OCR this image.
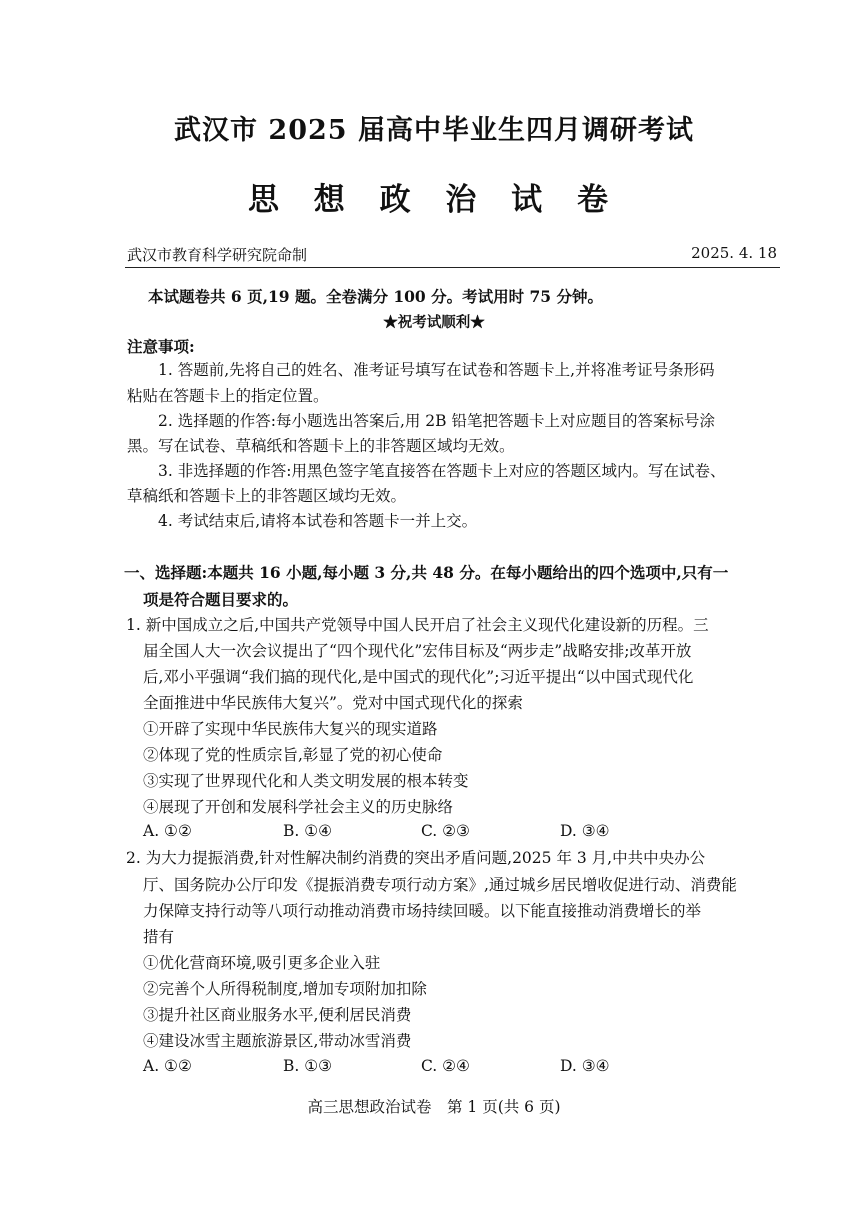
武汉市 2025 届高中毕业生四月调研考试
思 想 政 治 试 卷
武汉市教育科学研究院命制	2025. 4. 18
本试题卷共 6 页,19 题。全卷满分 100 分。考试用时 75 分钟。
★祝考试顺利★
注意事项:
1. 答题前,先将自己的姓名、准考证号填写在试卷和答题卡上,并将准考证号条形码
粘贴在答题卡上的指定位置。
2. 选择题的作答:每小题选出答案后,用 2B 铅笔把答题卡上对应题目的答案标号涂
黑。写在试卷、草稿纸和答题卡上的非答题区域均无效。
3. 非选择题的作答:用黑色签字笔直接答在答题卡上对应的答题区域内。写在试卷、
草稿纸和答题卡上的非答题区域均无效。
4. 考试结束后,请将本试卷和答题卡一并上交。
一、选择题:本题共 16 小题,每小题 3 分,共 48 分。在每小题给出的四个选项中,只有一
项是符合题目要求的。
1. 新中国成立之后,中国共产党领导中国人民开启了社会主义现代化建设新的历程。三
届全国人大一次会议提出了“四个现代化”宏伟目标及“两步走”战略安排;改革开放
后,邓小平强调“我们搞的现代化,是中国式的现代化”;习近平提出“以中国式现代化
全面推进中华民族伟大复兴”。党对中国式现代化的探索
①开辟了实现中华民族伟大复兴的现实道路
②体现了党的性质宗旨,彰显了党的初心使命
③实现了世界现代化和人类文明发展的根本转变
④展现了开创和发展科学社会主义的历史脉络
A. ①②	B. ①④	C. ②③	D. ③④
2. 为大力提振消费,针对性解决制约消费的突出矛盾问题,2025 年 3 月,中共中央办公
厅、国务院办公厅印发《提振消费专项行动方案》,通过城乡居民增收促进行动、消费能
力保障支持行动等八项行动推动消费市场持续回暖。以下能直接推动消费增长的举
措有
①优化营商环境,吸引更多企业入驻
②完善个人所得税制度,增加专项附加扣除
③提升社区商业服务水平,便利居民消费
④建设冰雪主题旅游景区,带动冰雪消费
A. ①②	B. ①③	C. ②④	D. ③④
高三思想政治试卷　第 1 页(共 6 页)
